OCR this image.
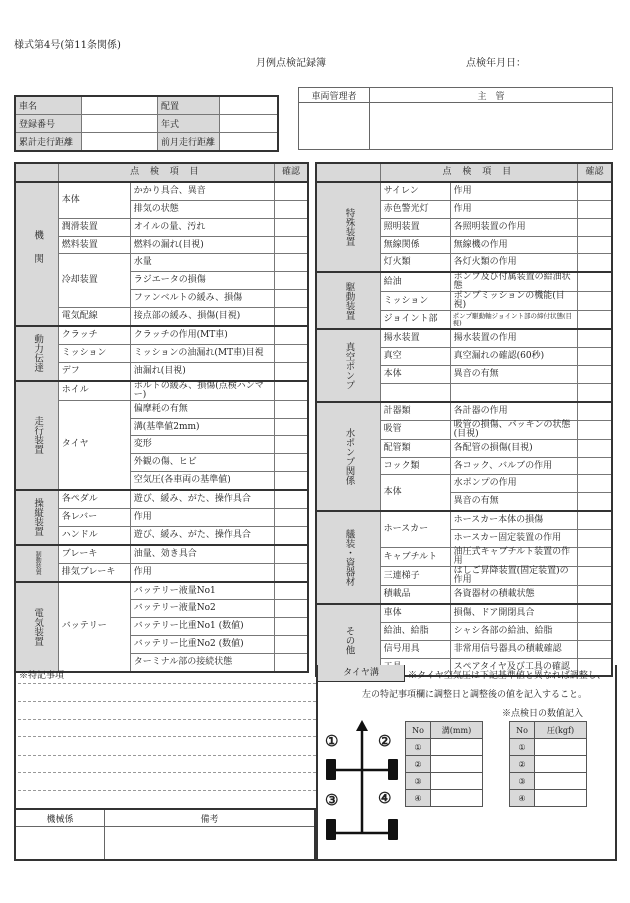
様式第4号(第11条関係)
月例点検記録簿	点検年月日：
車名		配置	
登録番号		年式	
累計走行距離		前月走行距離	
車両管理者	主　管

	点 検 項 目		確認
機関	本体	かかり具合、異音	
		排気の状態	
	潤滑装置	オイルの量、汚れ	
	燃料装置	燃料の漏れ(目視)	
	冷却装置	水量	
		ラジエータの損傷	
		ファンベルトの緩み、損傷	
	電気配線	接点部の緩み、損傷(目視)	
動力伝達	クラッチ	クラッチの作用(MT車)	
	ミッション	ミッションの油漏れ(MT車)目視	
	デフ	油漏れ(目視)	
走行装置	ホイル	ボルトの緩み、損傷(点検ハンマー)	
	タイヤ	偏摩耗の有無	
		溝(基準値2mm)	
		変形	
		外観の傷、ヒビ	
		空気圧(各車両の基準値)	
操縦装置	各ペダル	遊び、緩み、がた、操作具合	
	各レバー	作用	
	ハンドル	遊び、緩み、がた、操作具合	
制動装置	ブレーキ	油量、効き具合	
	排気ブレーキ	作用	
電気装置	バッテリー	バッテリー液量No1	
		バッテリー液量No2	
		バッテリー比重No1 (数値)	
		バッテリー比重No2 (数値)	
		ターミナル部の接続状態	
	点 検 項 目		確認
特殊装置	サイレン	作用	
	赤色警光灯	作用	
	照明装置	各照明装置の作用	
	無線関係	無線機の作用	
	灯火類	各灯火類の作用	
駆動装置	給油	ポンプ及び付属装置の給油状態	
	ミッション	ポンプミッションの機能(目視)	
	ジョイント部	ポンプ駆動軸ジョイント部の締付状態(目視)	
真空ポンプ	揚水装置	揚水装置の作用	
	真空	真空漏れの確認(60秒)	
	本体	異音の有無	

水ポンプ関係	計器類	各計器の作用	
	吸管	吸管の損傷、パッキンの状態(目視)	
	配管類	各配管の損傷(目視)	
	コック類	各コック、バルブの作用	
	本体	水ポンプの作用	
		異音の有無	
艤装・資器材	ホースカー	ホースカー本体の損傷	
		ホースカー固定装置の作用	
	キャブチルト	油圧式キャブチルト装置の作用	
	三連梯子	はしご昇降装置(固定装置)の作用	
	積載品	各資器材の積載状態	
その他	車体	損傷、ドア開閉具合	
	給油、給脂	シャシ各部の給油、給脂	
	信号用具	非常用信号器具の積載確認	
	スペアタイヤ及び工具の確認	
※特記事項
機械係	備考

タイヤ溝	※タイヤ空気圧は下記基準値と異なれば調整し、
左の特記事項欄に調整日と調整後の値を記入すること。
※点検日の数値記入
①	②
③	④
No	溝(mm)
①	
②	
③	
④	
No	圧(kgf)
①	
②	
③	
④	
